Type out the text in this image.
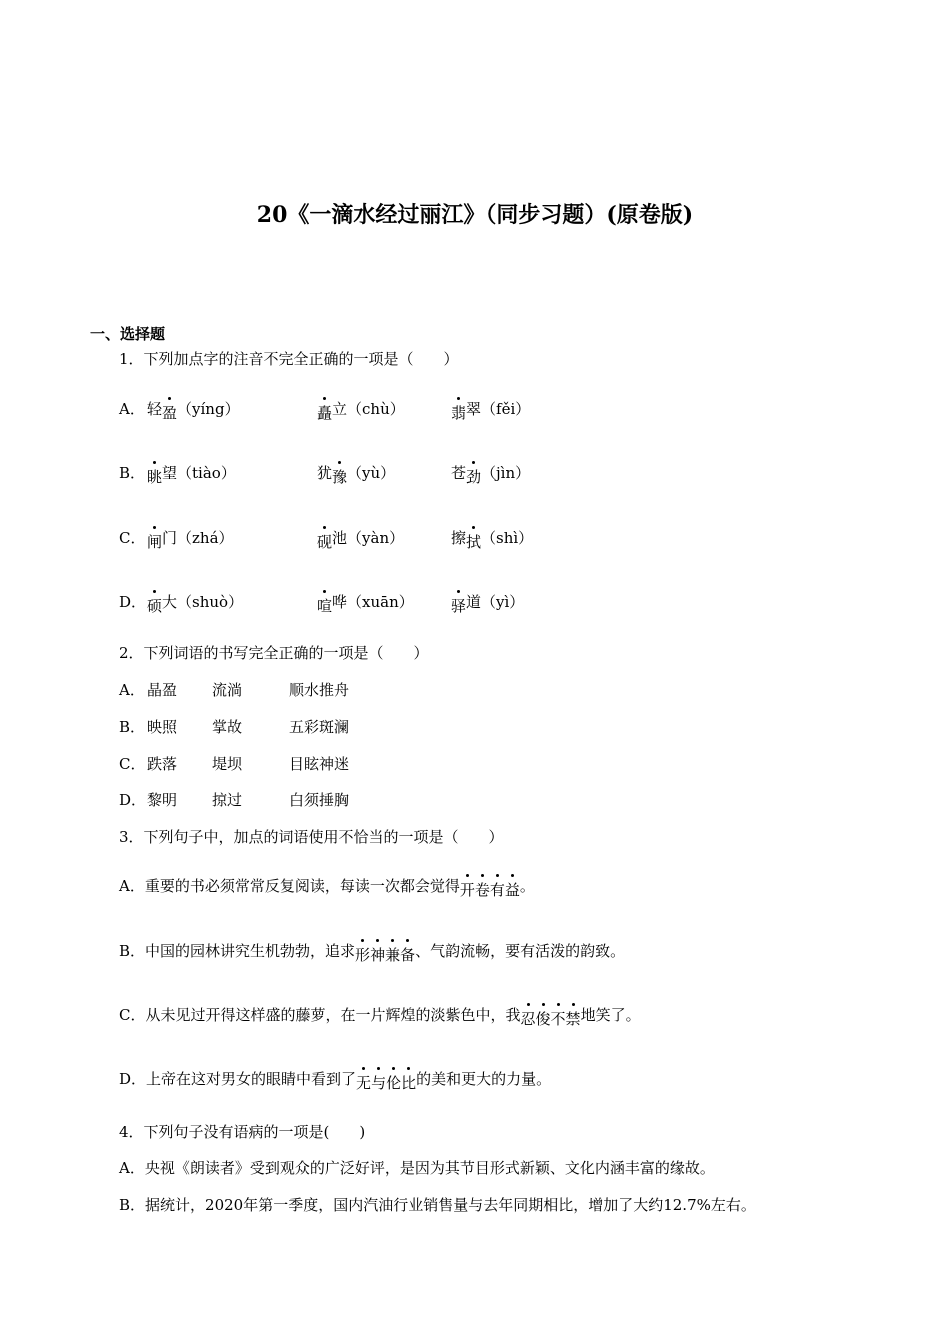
20《一滴水经过丽江》（同步习题）(原卷版)
一、选择题
1．下列加点字的注音不完全正确的一项是（　　）
A． 轻盈（yíng）	矗立（chù）	翡翠（fěi）
B． 眺望（tiào）	犹豫（yù）	苍劲（jìn）
C． 闸门（zhá）	砚池（yàn）	擦拭（shì）
D． 硕大（shuò）	喧哗（xuān） 驿道（yì）
2．下列词语的书写完全正确的一项是（　　）
A． 晶盈 流淌	顺水推舟
B． 映照 掌故	五彩斑澜
C． 跌落 堤坝	目眩神迷
D． 黎明 掠过	白须捶胸
3．下列句子中，加点的词语使用不恰当的一项是（　　）
A．重要的书必须常常反复阅读，每读一次都会觉得开卷有益。
B．中国的园林讲究生机勃勃，追求形神兼备、气韵流畅，要有活泼的韵致。
C．从未见过开得这样盛的藤萝，在一片辉煌的淡紫色中，我忍俊不禁地笑了。
D．上帝在这对男女的眼睛中看到了无与伦比的美和更大的力量。
4．下列句子没有语病的一项是(　　)
A．央视《朗读者》受到观众的广泛好评，是因为其节目形式新颖、文化内涵丰富的缘故。
B．据统计，2020年第一季度，国内汽油行业销售量与去年同期相比，增加了大约12.7%左右。
